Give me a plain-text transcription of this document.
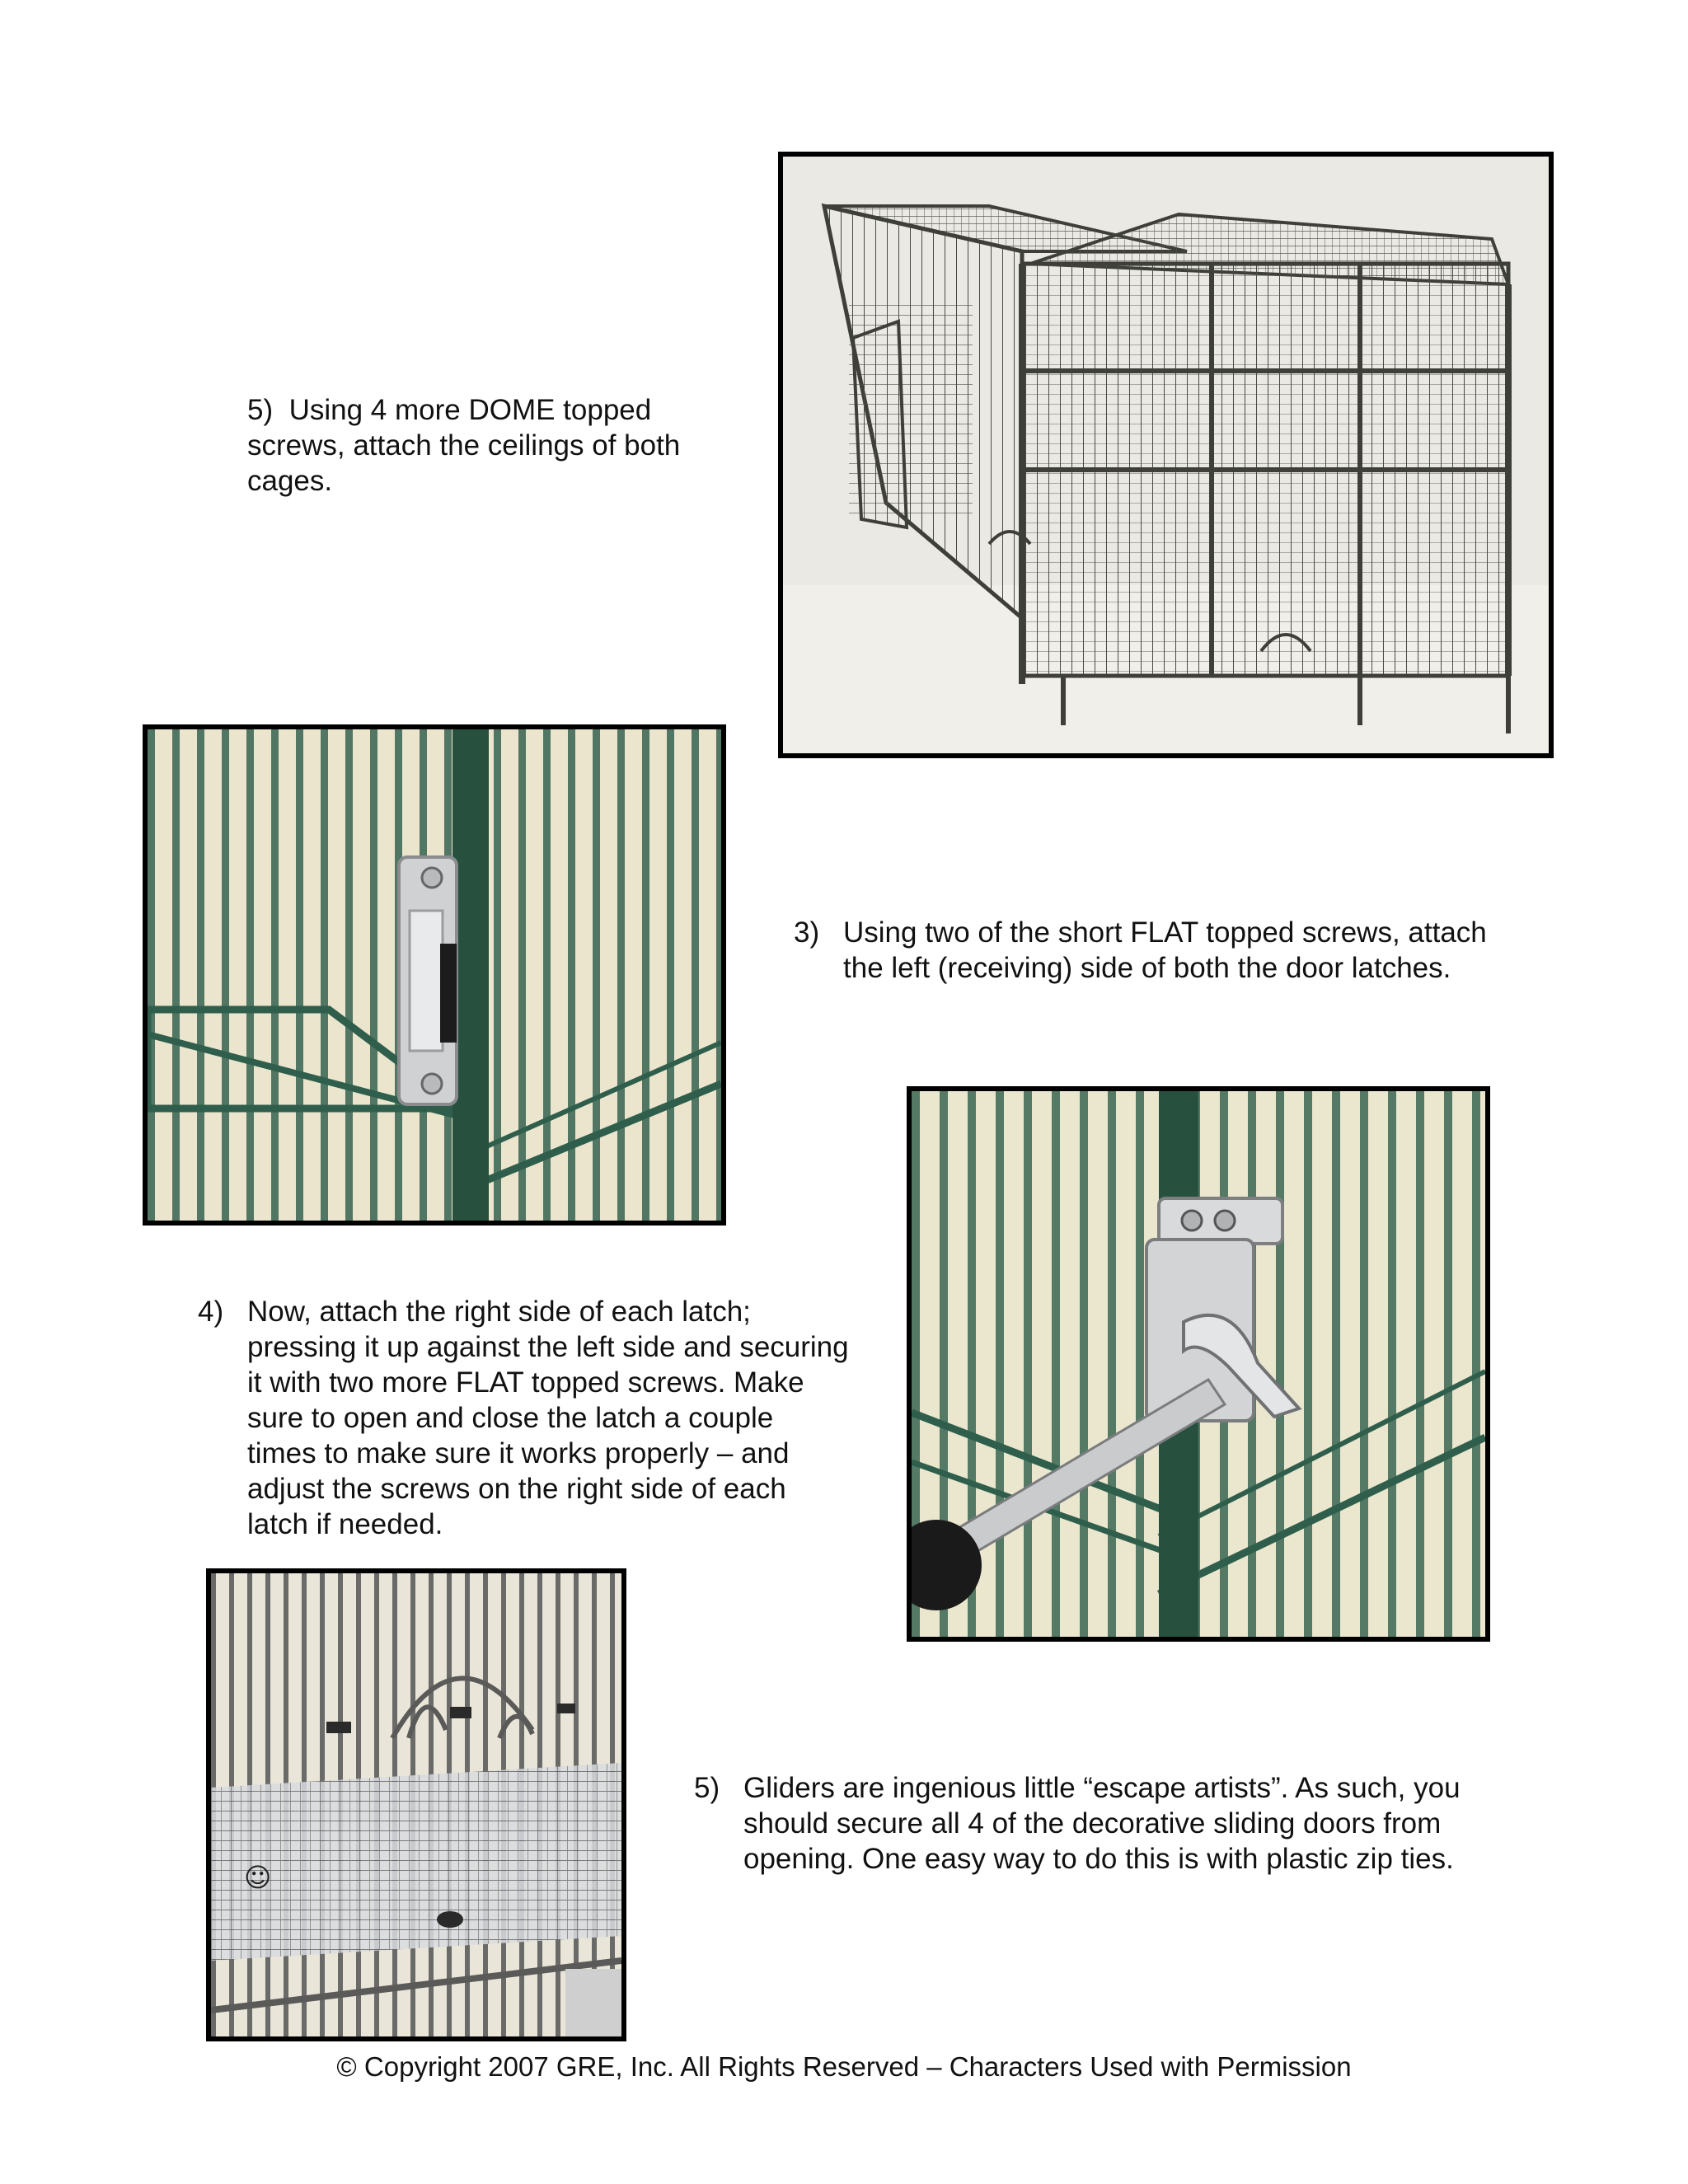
5) Using 4 more DOME topped
screws, attach the ceilings of both
cages.
3) Using two of the short FLAT topped screws, attach
the left (receiving) side of both the door latches.
4) Now, attach the right side of each latch;
pressing it up against the left side and securing
it with two more FLAT topped screws. Make
sure to open and close the latch a couple
times to make sure it works properly – and
adjust the screws on the right side of each
latch if needed.
☺
5) Gliders are ingenious little “escape artists”. As such, you
should secure all 4 of the decorative sliding doors from
opening. One easy way to do this is with plastic zip ties.
© Copyright 2007 GRE, Inc. All Rights Reserved – Characters Used with Permission
